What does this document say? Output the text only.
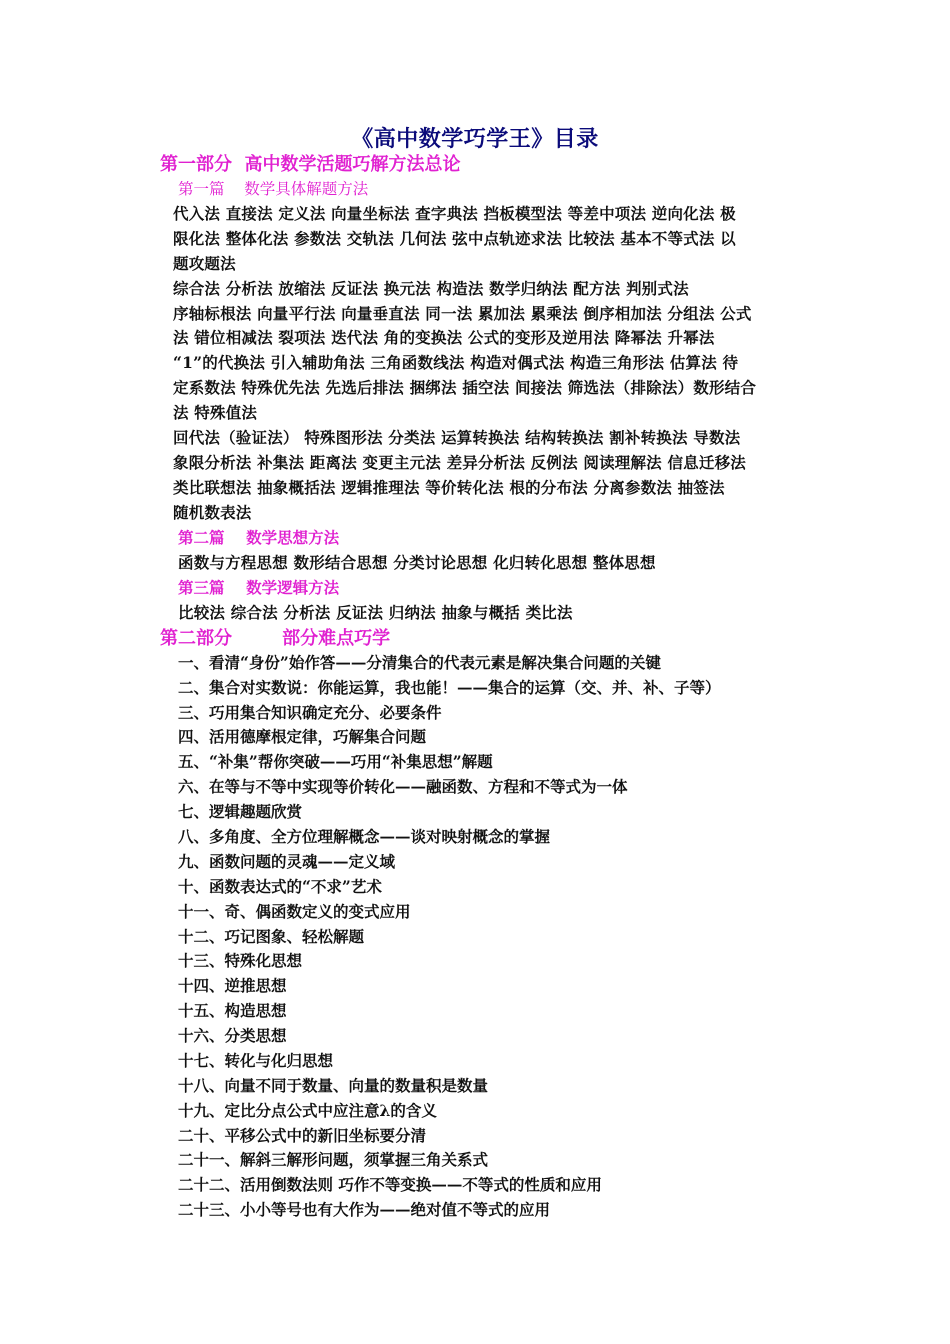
《高中数学巧学王》目录
第一部分  高中数学活题巧解方法总论
第一篇    数学具体解题方法
代入法 直接法 定义法 向量坐标法 查字典法 挡板模型法 等差中项法 逆向化法 极
限化法 整体化法 参数法 交轨法 几何法 弦中点轨迹求法 比较法 基本不等式法 以
题攻题法
综合法 分析法 放缩法 反证法 换元法 构造法 数学归纳法 配方法 判别式法
序轴标根法 向量平行法 向量垂直法 同一法 累加法 累乘法 倒序相加法 分组法 公式
法 错位相减法 裂项法 迭代法 角的变换法 公式的变形及逆用法 降幂法 升幂法
“1”的代换法 引入辅助角法 三角函数线法 构造对偶式法 构造三角形法 估算法 待
定系数法 特殊优先法 先选后排法 捆绑法 插空法 间接法 筛选法（排除法）数形结合
法 特殊值法
回代法（验证法） 特殊图形法 分类法 运算转换法 结构转换法 割补转换法 导数法
象限分析法 补集法 距离法 变更主元法 差异分析法 反例法 阅读理解法 信息迁移法
类比联想法 抽象概括法 逻辑推理法 等价转化法 根的分布法 分离参数法 抽签法
随机数表法
第二篇    数学思想方法
函数与方程思想 数形结合思想 分类讨论思想 化归转化思想 整体思想
第三篇    数学逻辑方法
比较法 综合法 分析法 反证法 归纳法 抽象与概括 类比法
第二部分        部分难点巧学
一、看清“身份”始作答——分清集合的代表元素是解决集合问题的关键
二、集合对实数说：你能运算，我也能！——集合的运算（交、并、补、子等）
三、巧用集合知识确定充分、必要条件
四、活用德摩根定律，巧解集合问题
五、“补集”帮你突破——巧用“补集思想”解题
六、在等与不等中实现等价转化——融函数、方程和不等式为一体
七、逻辑趣题欣赏
八、多角度、全方位理解概念——谈对映射概念的掌握
九、函数问题的灵魂——定义域
十、函数表达式的“不求”艺术
十一、奇、偶函数定义的变式应用
十二、巧记图象、轻松解题
十三、特殊化思想
十四、逆推思想
十五、构造思想
十六、分类思想
十七、转化与化归思想
十八、向量不同于数量、向量的数量积是数量
十九、定比分点公式中应注意λ的含义
二十、平移公式中的新旧坐标要分清
二十一、解斜三解形问题，须掌握三角关系式
二十二、活用倒数法则 巧作不等变换——不等式的性质和应用
二十三、小小等号也有大作为——绝对值不等式的应用
